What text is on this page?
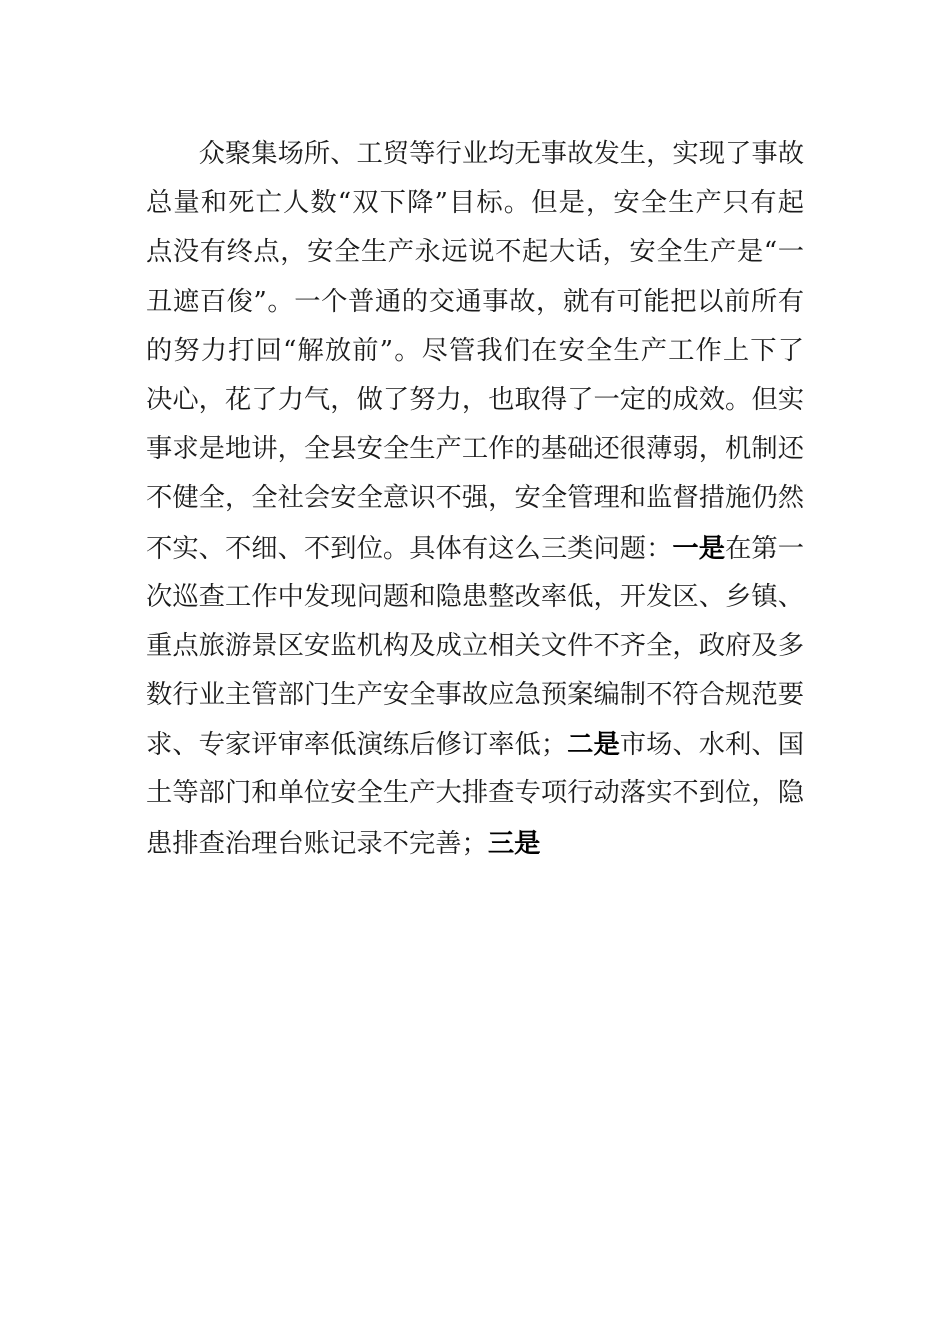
众聚集场所、工贸等行业均无事故发生，实现了事故
总量和死亡人数“双下降”目标。但是，安全生产只有起
点没有终点，安全生产永远说不起大话，安全生产是“一
丑遮百俊”。一个普通的交通事故，就有可能把以前所有
的努力打回“解放前”。尽管我们在安全生产工作上下了
决心，花了力气，做了努力，也取得了一定的成效。但实
事求是地讲，全县安全生产工作的基础还很薄弱，机制还
不健全，全社会安全意识不强，安全管理和监督措施仍然
不实、不细、不到位。具体有这么三类问题：一是在第一
次巡查工作中发现问题和隐患整改率低，开发区、乡镇、
重点旅游景区安监机构及成立相关文件不齐全，政府及多
数行业主管部门生产安全事故应急预案编制不符合规范要
求、专家评审率低演练后修订率低；二是市场、水利、国
土等部门和单位安全生产大排查专项行动落实不到位，隐
患排查治理台账记录不完善；三是
